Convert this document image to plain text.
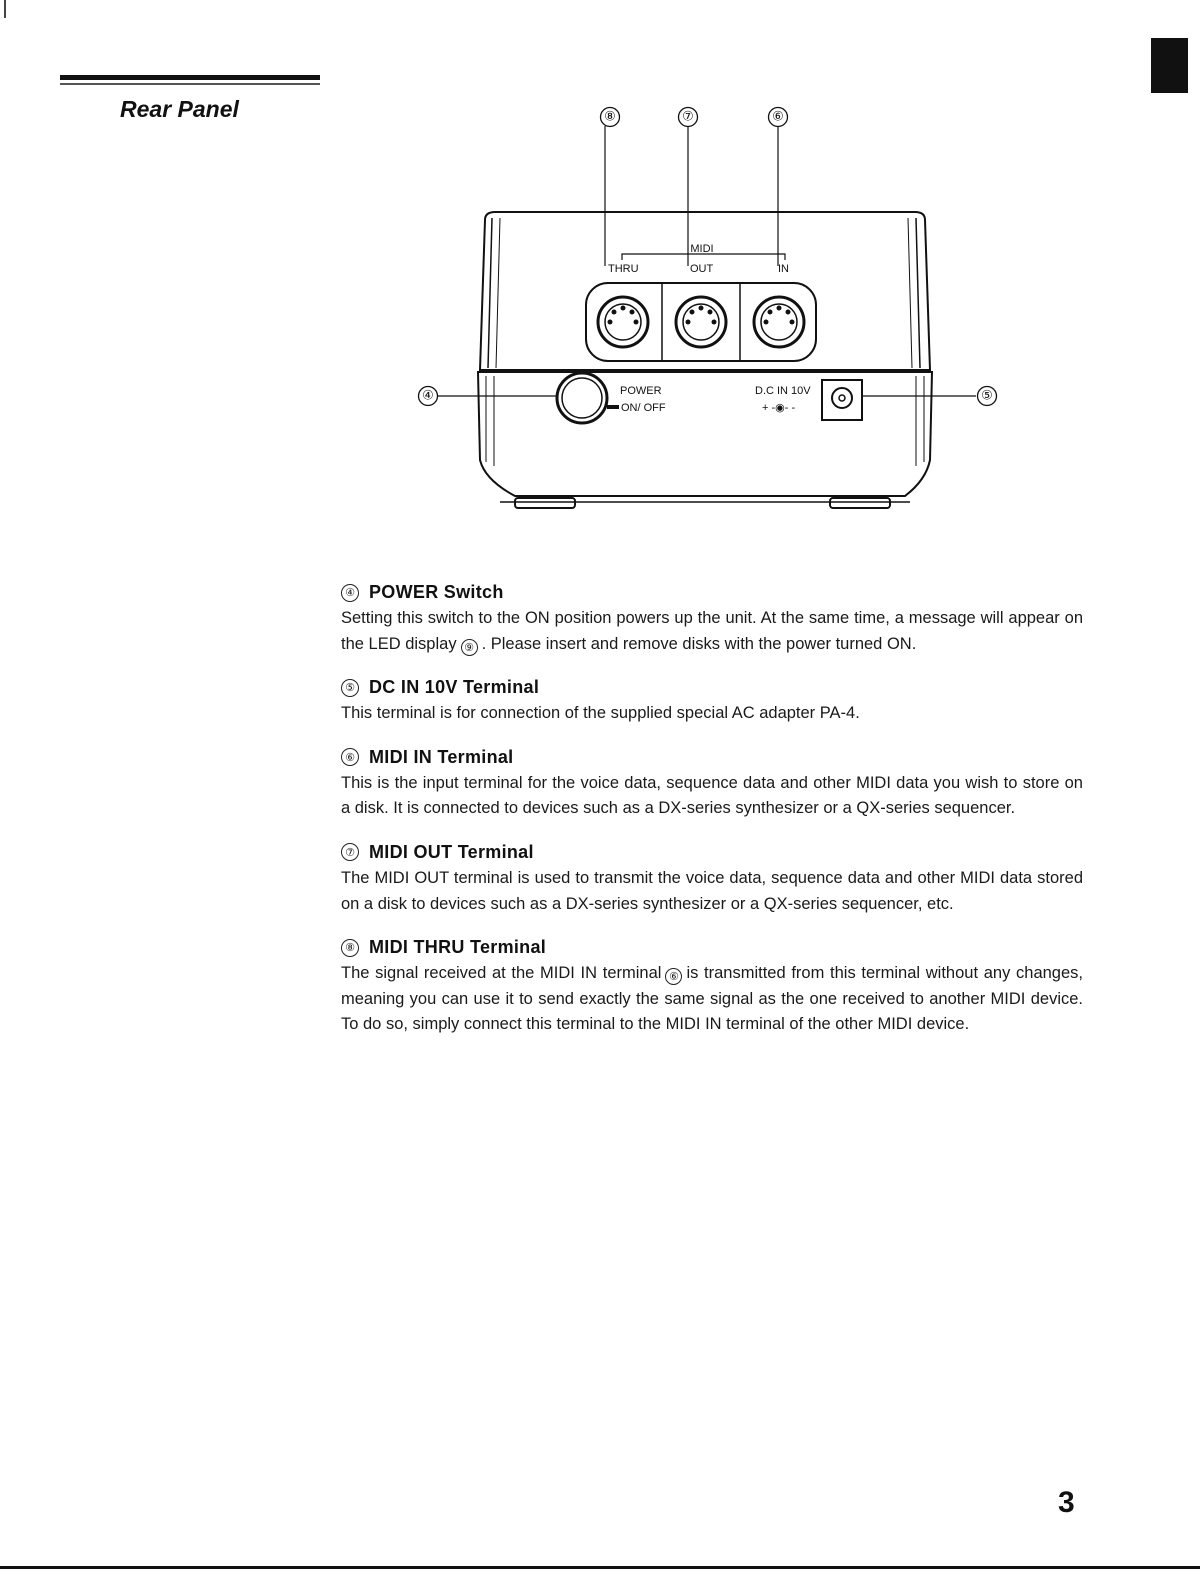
Rear Panel
MIDI
THRU	OUT	IN
POWER
ON/ OFF
D.C IN 10V
+ -◉- -
④	⑤
⑥
⑦
⑧
④ POWER Switch

Setting this switch to the ON position powers up the unit. At the same time, a message will appear on the LED display ⑨ . Please insert and remove disks with the power turned ON.

⑤ DC IN 10V Terminal

This terminal is for connection of the supplied special AC adapter PA-4.

⑥ MIDI IN Terminal

This is the input terminal for the voice data, sequence data and other MIDI data you wish to store on a disk. It is connected to devices such as a DX-series synthesizer or a QX-series sequencer.

⑦ MIDI OUT Terminal

The MIDI OUT terminal is used to transmit the voice data, sequence data and other MIDI data stored on a disk to devices such as a DX-series synthesizer or a QX-series sequencer, etc.

⑧ MIDI THRU Terminal

The signal received at the MIDI IN terminal ⑥ is transmitted from this terminal without any changes, meaning you can use it to send exactly the same signal as the one received to another MIDI device. To do so, simply connect this terminal to the MIDI IN terminal of the other MIDI device.

3
